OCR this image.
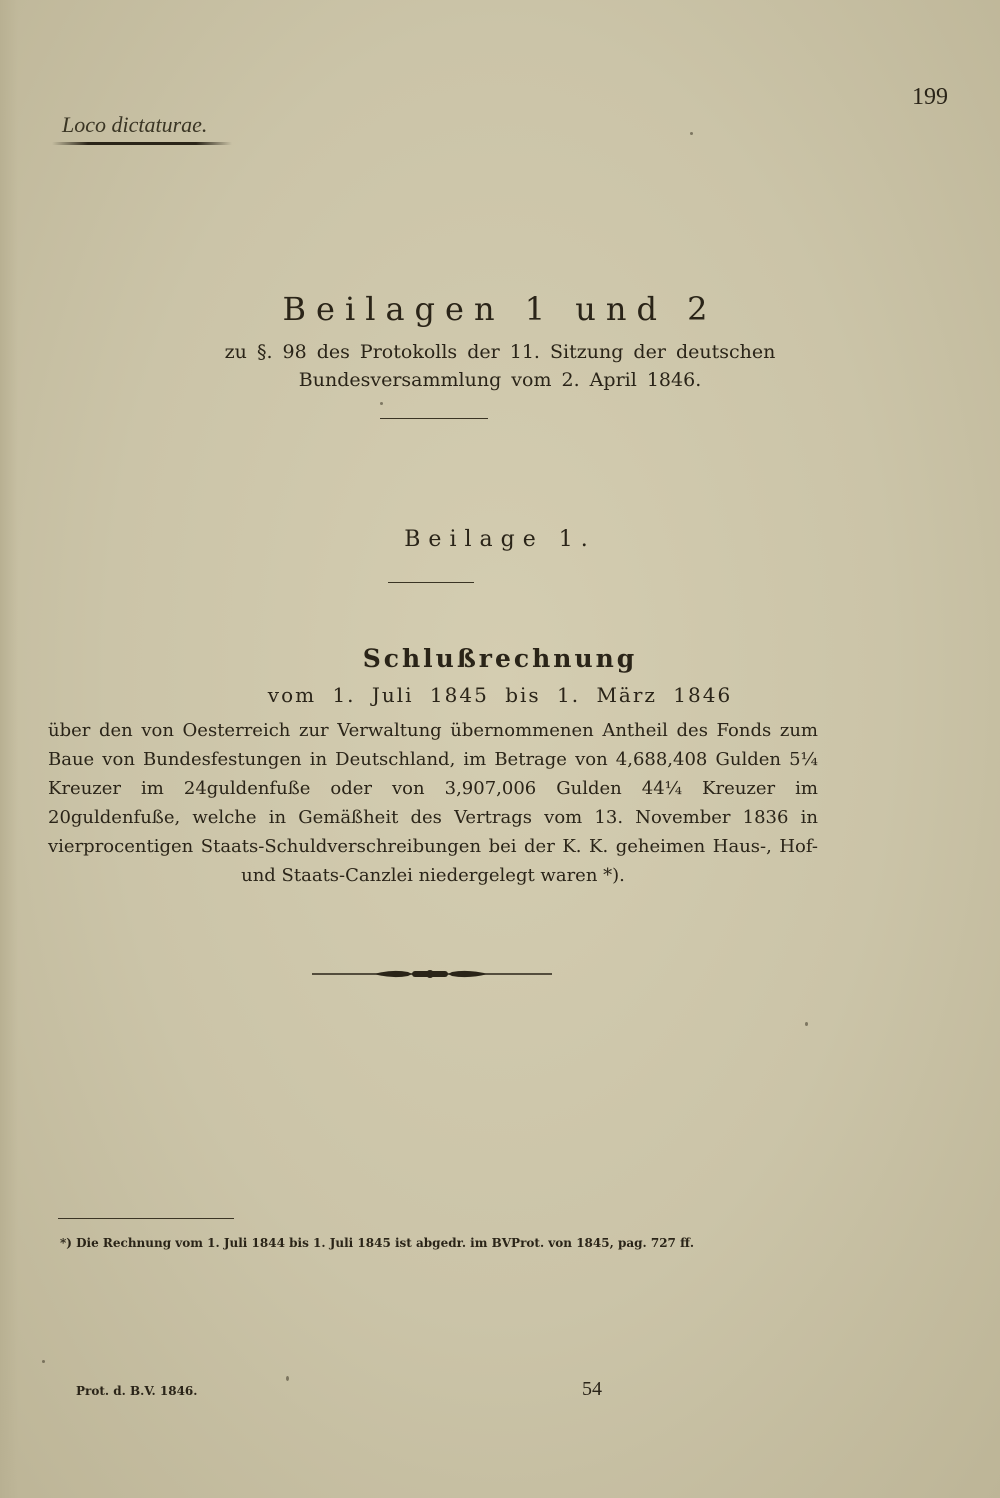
Loco dictaturae.
199
Beilagen 1 und 2
zu §. 98 des Protokolls der 11. Sitzung der deutschen Bundesversammlung vom 2. April 1846.
Beilage 1.
Schlußrechnung
vom 1. Juli 1845 bis 1. März 1846
über den von Oesterreich zur Verwaltung übernommenen Antheil des Fonds zum Baue von Bundesfestungen in Deutschland, im Betrage von 4,688,408 Gulden 5¼ Kreuzer im 24guldenfuße oder von 3,907,006 Gulden 44¼ Kreuzer im 20guldenfuße, welche in Gemäßheit des Vertrags vom 13. November 1836 in vierprocentigen Staats-Schuldverschreibungen bei der K. K. geheimen Haus-, Hof- und Staats-Canzlei niedergelegt waren *).
*) Die Rechnung vom 1. Juli 1844 bis 1. Juli 1845 ist abgedr. im BVProt. von 1845, pag. 727 ff.
Prot. d. B.V. 1846.	54
